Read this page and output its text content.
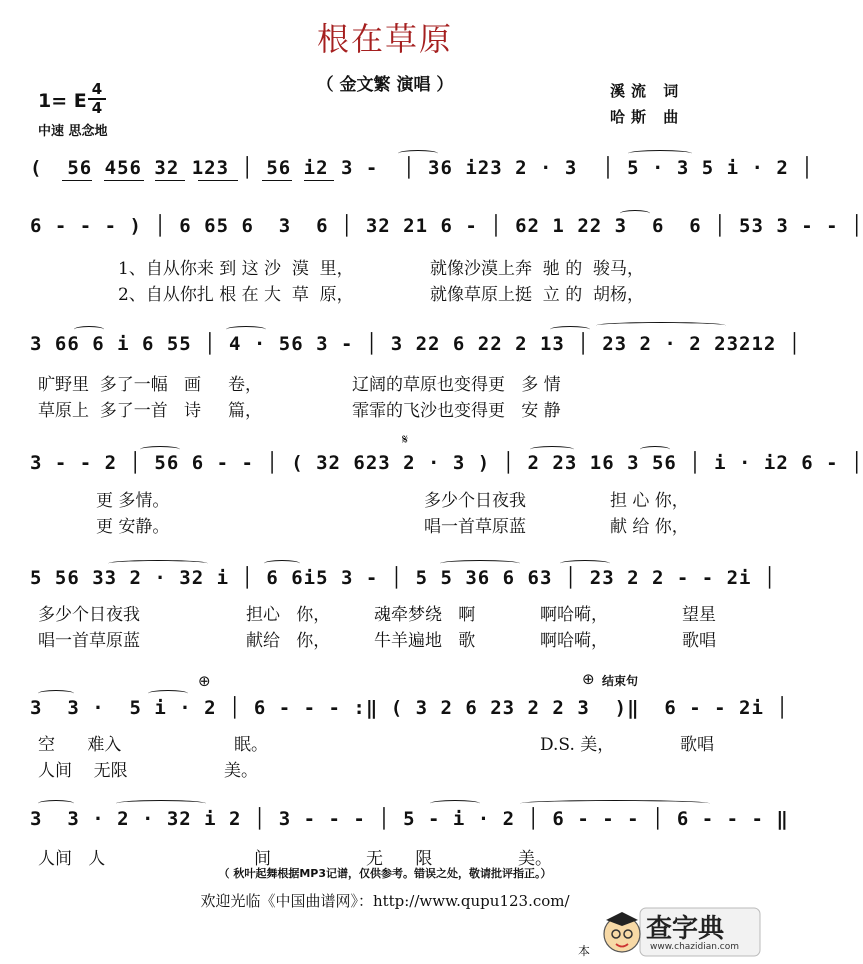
根在草原
（ 金文繁 演唱 ）
1= E
4
4
中速 思念地
溪流 词
哈斯 曲
(  56 456 32 123 │ 56 i2 3 -  │ 36 i23 2 · 3  │ 5 · 3 5 i · 2 │
6 - - - ) │ 6 65 6  3  6 │ 32 21 6 - │ 62 1 22 3  6  6 │ 53 3 - - │
1、自从你来 到 这 沙  漠  里，	就像沙漠上奔  驰 的  骏马，
2、自从你扎 根 在 大  草  原，	就像草原上挺  立 的  胡杨，
3 66 6 i 6 55 │ 4 · 56 3 - │ 3 22 6 22 2 13 │ 23 2 · 2 23212 │
旷野里  多了一幅   画     卷，	辽阔的草原也变得更   多 情
草原上  多了一首   诗     篇，	霏霏的飞沙也变得更   安 静
𝄋
3 - - 2 │ 56 6 - - │ ( 32 623 2 · 3 ) │ 2 23 16 3 56 │ i · i2 6 - │
更 多情。	多少个日夜我	担 心 你，
更 安静。	唱一首草原蓝	献 给 你，
5 56 33 2 · 32 i │ 6 6i5 3 - │ 5 5 36 6 63 │ 23 2 2 - - 2i │
多少个日夜我	担心   你，	魂牵梦绕   啊	啊哈嗬，	望星
唱一首草原蓝	献给   你，	牛羊遍地   歌	啊哈嗬，	歌唱
⊕	⊕ 结束句
3  3 ·  5 i · 2 │ 6 - - - :‖ ( 3 2 6 23 2 2 3  )‖  6 - - 2i │
空      难入	眠。	D.S. 美，	歌唱
人间    无限	美。
3  3 · 2 · 32 i 2 │ 3 - - - │ 5 - i · 2 │ 6 - - - │ 6 - - - ‖
人间   人	间	无      限	美。
（ 秋叶起舞根据MP3记谱，仅供参考。错误之处，敬请批评指正。）
欢迎光临《中国曲谱网》：http://www.qupu123.com/
本
查字典
www.chazidian.com
